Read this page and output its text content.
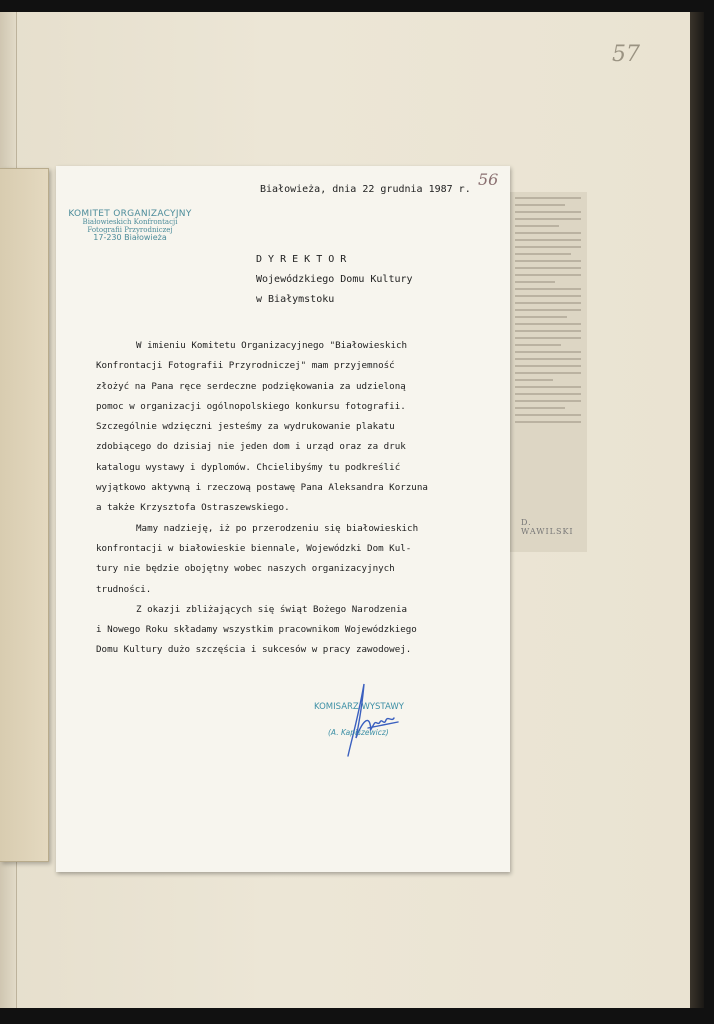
57
D. WAWILSKI
56
KOMITET ORGANIZACYJNY
Białowieskich Konfrontacji
Fotografii Przyrodniczej
17-230 Białowieża
Białowieża, dnia 22 grudnia 1987 r.
D Y R E K T O R
Wojewódzkiego Domu Kultury
w Białymstoku

W imieniu Komitetu Organizacyjnego "Białowieskich

Konfrontacji Fotografii Przyrodniczej" mam przyjemność

złożyć na Pana ręce serdeczne podziękowania za udzieloną

pomoc w organizacji ogólnopolskiego konkursu fotografii.

Szczególnie wdzięczni jesteśmy za wydrukowanie plakatu

zdobiącego do dzisiaj nie jeden dom i urząd oraz za druk

katalogu wystawy i dyplomów. Chcielibyśmy tu podkreślić

wyjątkowo aktywną i rzeczową postawę Pana Aleksandra Korzuna

a także Krzysztofa Ostraszewskiego.

Mamy nadzieję, iż po przerodzeniu się białowieskich

konfrontacji w białowieskie biennale, Wojewódzki Dom Kul-

tury nie będzie obojętny wobec naszych organizacyjnych

trudności.

Z okazji zbliżających się świąt Bożego Narodzenia

i Nowego Roku składamy wszystkim pracownikom Wojewódzkiego

Domu Kultury dużo szczęścia i sukcesów w pracy zawodowej.

KOMISARZ WYSTAWY
(A. Kapiszewicz)
